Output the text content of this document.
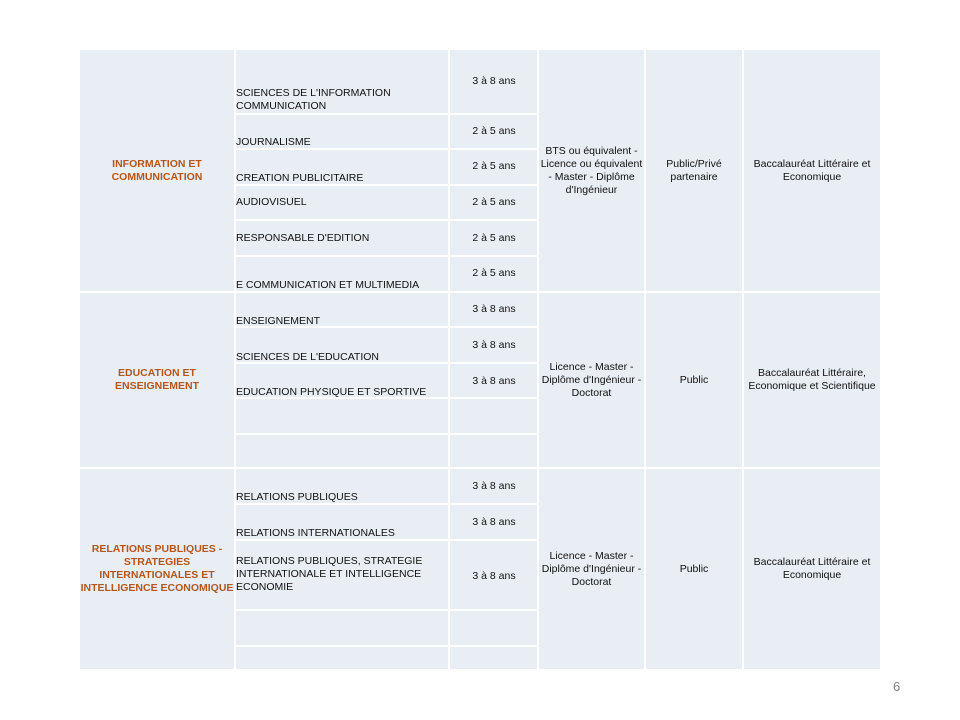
INFORMATION ET COMMUNICATION
SCIENCES DE L'INFORMATION COMMUNICATION
3 à 8 ans
JOURNALISME
2 à 5 ans
CREATION PUBLICITAIRE
2 à 5 ans
AUDIOVISUEL	2 à 5 ans
RESPONSABLE D'EDITION	2 à 5 ans
E COMMUNICATION ET MULTIMEDIA
2 à 5 ans
BTS ou équivalent - Licence ou équivalent - Master - Diplôme d'Ingénieur
Public/Privé partenaire
Baccalauréat Littéraire et Economique
EDUCATION ET ENSEIGNEMENT
ENSEIGNEMENT
3 à 8 ans
SCIENCES DE L'EDUCATION
3 à 8 ans
EDUCATION PHYSIQUE ET SPORTIVE
3 à 8 ans
Licence - Master - Diplôme d'Ingénieur - Doctorat
Public
Baccalauréat Littéraire, Economique et Scientifique
RELATIONS PUBLIQUES - STRATEGIES INTERNATIONALES ET INTELLIGENCE ECONOMIQUE
RELATIONS PUBLIQUES
3 à 8 ans
RELATIONS INTERNATIONALES
3 à 8 ans
RELATIONS PUBLIQUES, STRATEGIE INTERNATIONALE ET INTELLIGENCE ECONOMIE
3 à 8 ans
Licence - Master - Diplôme d'Ingénieur - Doctorat
Public
Baccalauréat Littéraire et Economique
6
